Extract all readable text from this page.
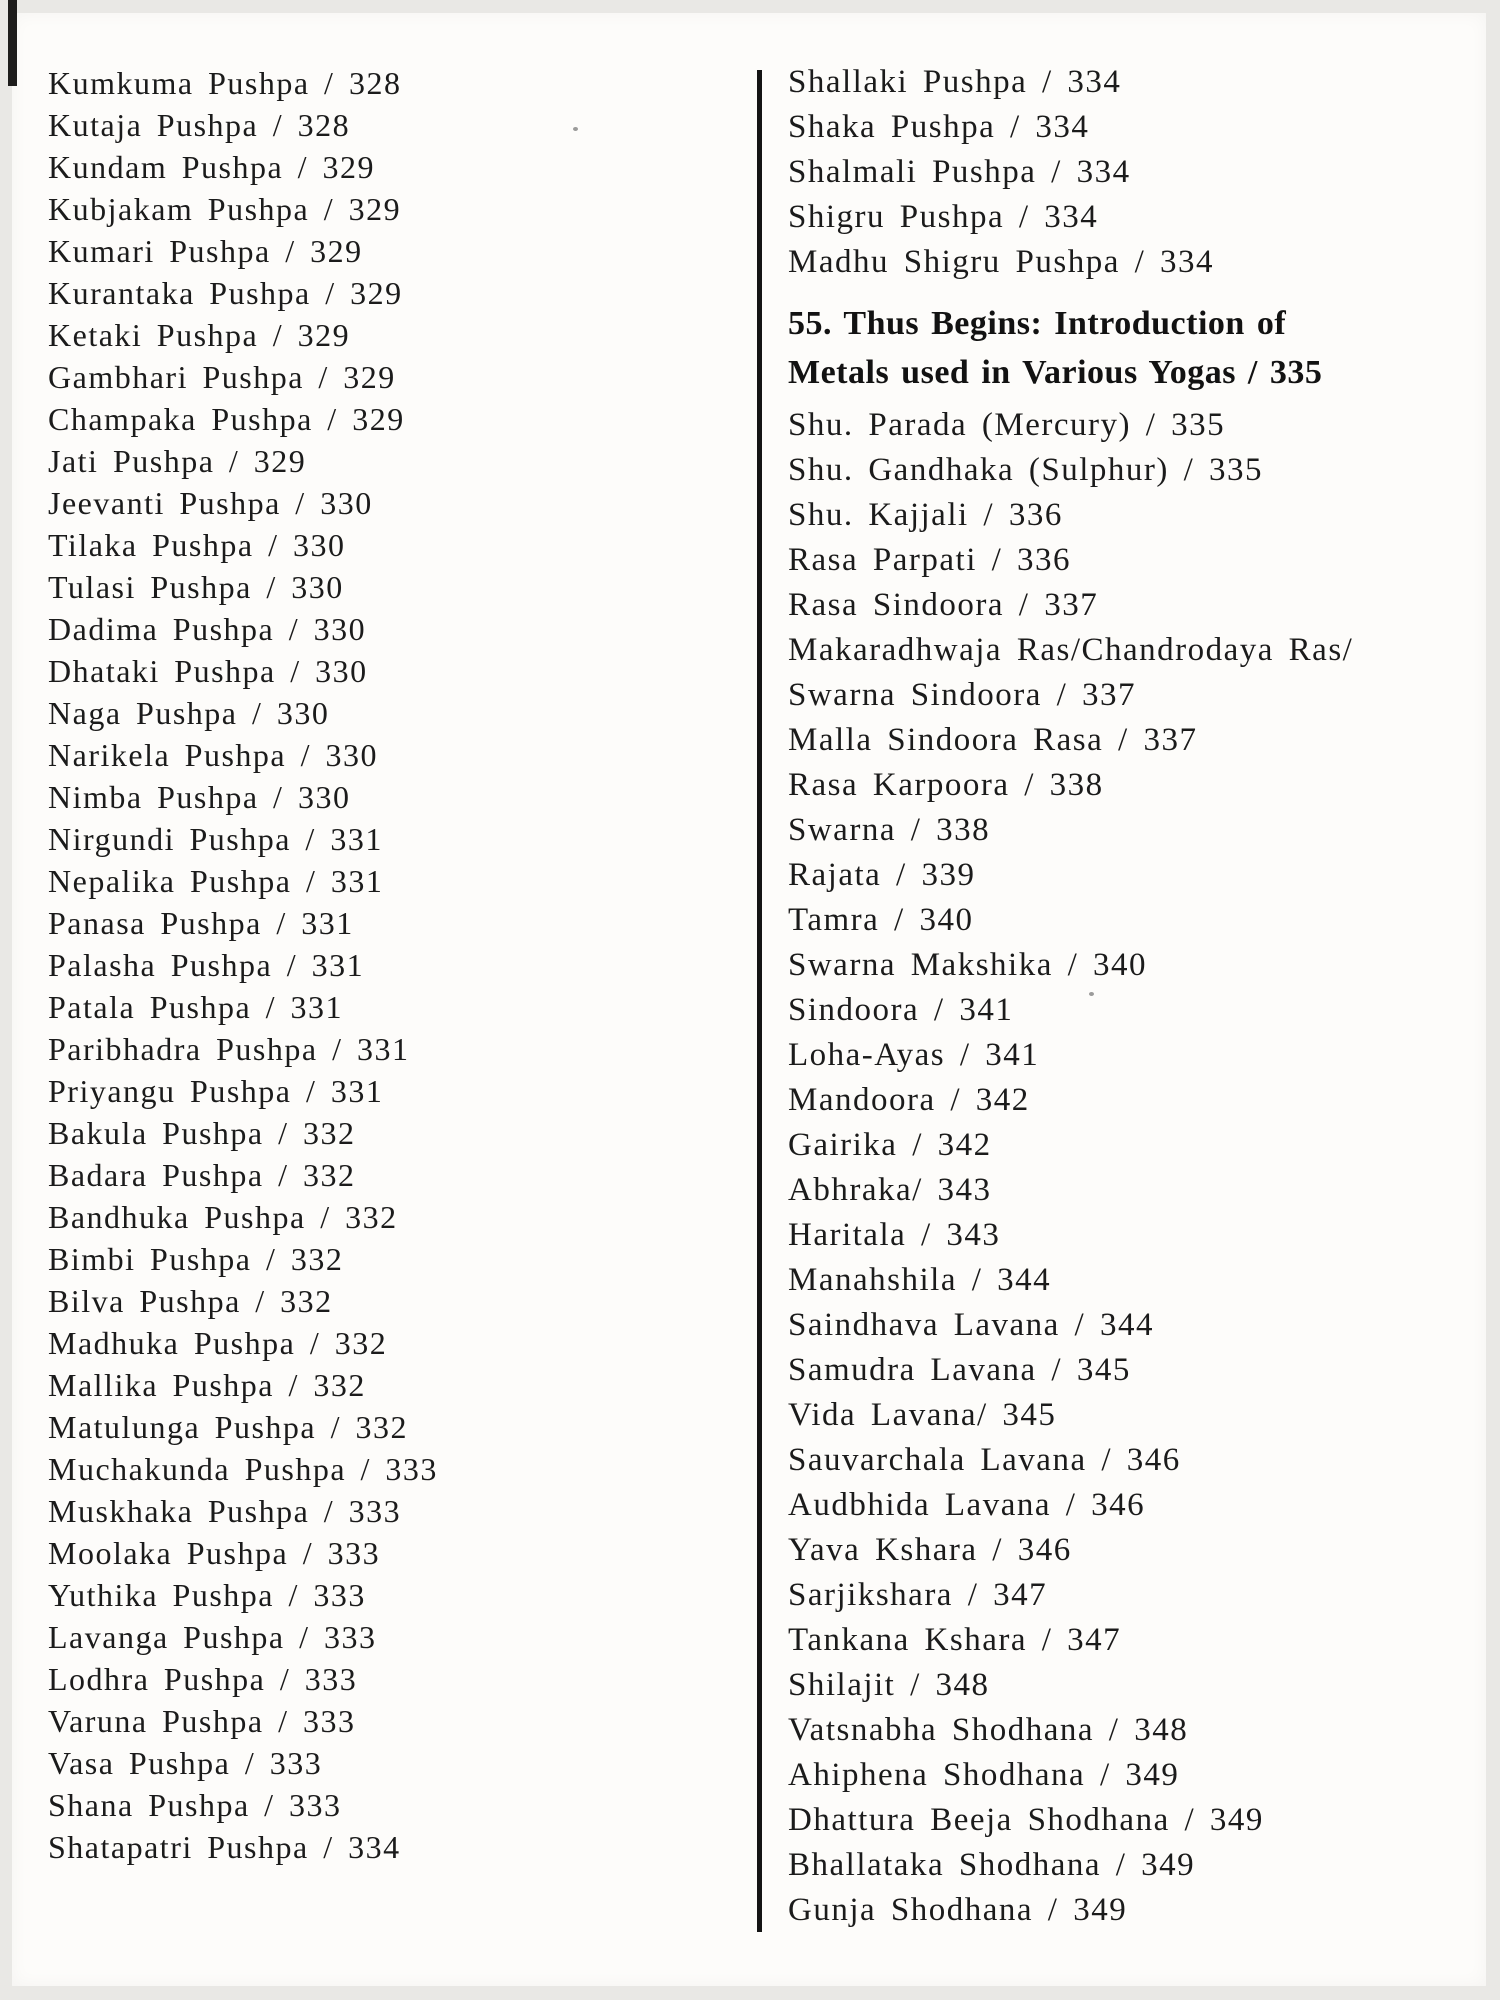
Kumkuma Pushpa / 328
Kutaja Pushpa / 328
Kundam Pushpa / 329
Kubjakam Pushpa / 329
Kumari Pushpa / 329
Kurantaka Pushpa / 329
Ketaki Pushpa / 329
Gambhari Pushpa / 329
Champaka Pushpa / 329
Jati Pushpa / 329
Jeevanti Pushpa / 330
Tilaka Pushpa / 330
Tulasi Pushpa / 330
Dadima Pushpa / 330
Dhataki Pushpa / 330
Naga Pushpa / 330
Narikela Pushpa / 330
Nimba Pushpa / 330
Nirgundi Pushpa / 331
Nepalika Pushpa / 331
Panasa Pushpa / 331
Palasha Pushpa / 331
Patala Pushpa / 331
Paribhadra Pushpa / 331
Priyangu Pushpa / 331
Bakula Pushpa / 332
Badara Pushpa / 332
Bandhuka Pushpa / 332
Bimbi Pushpa / 332
Bilva Pushpa / 332
Madhuka Pushpa / 332
Mallika Pushpa / 332
Matulunga Pushpa / 332
Muchakunda Pushpa / 333
Muskhaka Pushpa / 333
Moolaka Pushpa / 333
Yuthika Pushpa / 333
Lavanga Pushpa / 333
Lodhra Pushpa / 333
Varuna Pushpa / 333
Vasa Pushpa / 333
Shana Pushpa / 333
Shatapatri Pushpa / 334
Shallaki Pushpa / 334
Shaka Pushpa / 334
Shalmali Pushpa / 334
Shigru Pushpa / 334
Madhu Shigru Pushpa / 334
55. Thus Begins: Introduction of
Metals used in Various Yogas / 335
Shu. Parada (Mercury) / 335
Shu. Gandhaka (Sulphur) / 335
Shu. Kajjali / 336
Rasa Parpati / 336
Rasa Sindoora / 337
Makaradhwaja Ras/Chandrodaya Ras/
Swarna Sindoora / 337
Malla Sindoora Rasa / 337
Rasa Karpoora / 338
Swarna / 338
Rajata / 339
Tamra / 340
Swarna Makshika / 340
Sindoora / 341
Loha-Ayas / 341
Mandoora / 342
Gairika / 342
Abhraka/ 343
Haritala / 343
Manahshila / 344
Saindhava Lavana / 344
Samudra Lavana / 345
Vida Lavana/ 345
Sauvarchala Lavana / 346
Audbhida Lavana / 346
Yava Kshara / 346
Sarjikshara / 347
Tankana Kshara / 347
Shilajit / 348
Vatsnabha Shodhana / 348
Ahiphena Shodhana / 349
Dhattura Beeja Shodhana / 349
Bhallataka Shodhana / 349
Gunja Shodhana / 349
